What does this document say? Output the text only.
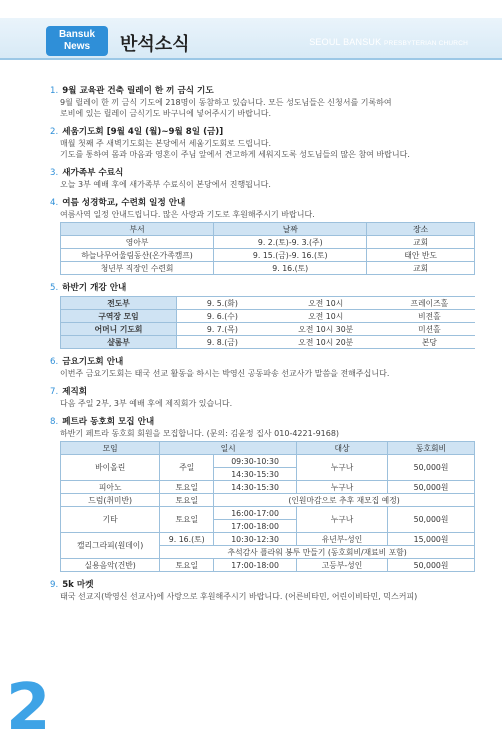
Bansuk
News	반석소식	SEOUL BANSUK PRESBYTERIAN CHURCH
1. 9월 교육관 건축 릴레이 한 끼 금식 기도
9월 릴레이 한 끼 금식 기도에 218명이 동참하고 있습니다. 모든 성도님들은 신청서를 기록하여
로비에 있는 릴레이 금식기도 바구니에 넣어주시기 바랍니다.
2. 세움기도회 [9월 4일 (월)~9월 8일 (금)]
매월 첫째 주 새벽기도회는 본당에서 세움기도회로 드립니다.
기도를 통하여 몸과 마음과 영혼이 주님 앞에서 견고하게 세워지도록 성도님들의 많은 참여 바랍니다.
3. 새가족부 수료식
오늘 3부 예배 후에 새가족부 수료식이 본당에서 진행됩니다.
4. 여름 성경학교, 수련회 일정 안내
여름사역 일정 안내드립니다. 많은 사랑과 기도로 후원해주시기 바랍니다.
부서	날짜	장소
영아부	9. 2.(토)-9. 3.(주)	교회
하늘나무어울림동산(온가족캠프)	9. 15.(금)-9. 16.(토)	태안 반도
청년부 직장인 수련회	9. 16.(토)	교회
5. 하반기 개강 안내
전도부	9. 5.(화)	오전 10시	프레이즈홀
구역장 모임	9. 6.(수)	오전 10시	비전홀
어머니 기도회	9. 7.(목)	오전 10시 30분	미션홀
샬롬부	9. 8.(금)	오전 10시 20분	본당
6. 금요기도회 안내
이번주 금요기도회는 태국 선교 활동을 하시는 박영신 공동파송 선교사가 말씀을 전해주십니다.
7. 제직회
다음 주일 2부, 3부 예배 후에 제직회가 있습니다.
8. 페트라 동호회 모집 안내
하반기 페트라 동호회 회원을 모집합니다. (문의: 김윤정 집사 010-4221-9168)
모임	일시		대상	동호회비
바이올린	주일	09:30-10:30	누구나	50,000원
		14:30-15:30		
피아노	토요일	14:30-15:30	누구나	50,000원
드럼(취미반)	토요일	(인원마감으로 추후 재모집 예정)		
기타	토요일	16:00-17:00	누구나	50,000원
		17:00-18:00		
캘리그라피(원데이)	9. 16.(토)	10:30-12:30	유년부-성인	15,000원
	추석감사 플라워 봉투 만들기 (동호회비/재료비 포함)			
실용음악(건반)	토요일	17:00-18:00	고등부-성인	50,000원
9. 5k 마켓
태국 선교지(박영신 선교사)에 사랑으로 후원해주시기 바랍니다. (어른비타민, 어린이비타민, 믹스커피)
2
